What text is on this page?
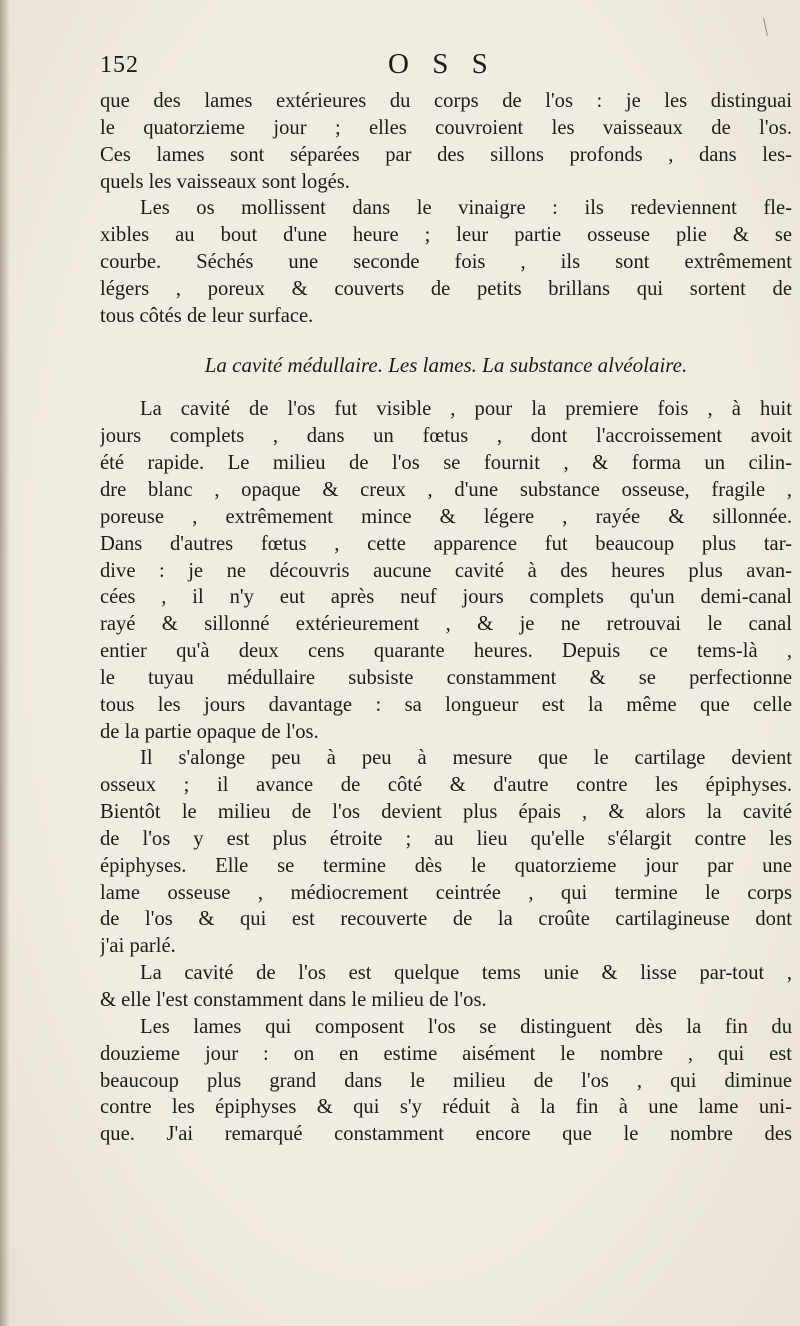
152	O S S
que des lames extérieures du corps de l'os : je les distinguai
le quatorzieme jour ; elles couvroient les vaisseaux de l'os.
Ces lames sont séparées par des sillons profonds , dans les-
quels les vaisseaux sont logés.
Les os mollissent dans le vinaigre : ils redeviennent fle-
xibles au bout d'une heure ; leur partie osseuse plie & se
courbe. Séchés une seconde fois , ils sont extrêmement
légers , poreux & couverts de petits brillans qui sortent de
tous côtés de leur surface.
La cavité médullaire. Les lames. La substance alvéolaire.
La cavité de l'os fut visible , pour la premiere fois , à huit
jours complets , dans un fœtus , dont l'accroissement avoit
été rapide. Le milieu de l'os se fournit , & forma un cilin-
dre blanc , opaque & creux , d'une substance osseuse, fragile ,
poreuse , extrêmement mince & légere , rayée & sillonnée.
Dans d'autres fœtus , cette apparence fut beaucoup plus tar-
dive : je ne découvris aucune cavité à des heures plus avan-
cées , il n'y eut après neuf jours complets qu'un demi-canal
rayé & sillonné extérieurement , & je ne retrouvai le canal
entier qu'à deux cens quarante heures. Depuis ce tems-là ,
le tuyau médullaire subsiste constamment & se perfectionne
tous les jours davantage : sa longueur est la même que celle
de la partie opaque de l'os.
Il s'alonge peu à peu à mesure que le cartilage devient
osseux ; il avance de côté & d'autre contre les épiphyses.
Bientôt le milieu de l'os devient plus épais , & alors la cavité
de l'os y est plus étroite ; au lieu qu'elle s'élargit contre les
épiphyses. Elle se termine dès le quatorzieme jour par une
lame osseuse , médiocrement ceintrée , qui termine le corps
de l'os & qui est recouverte de la croûte cartilagineuse dont
j'ai parlé.
La cavité de l'os est quelque tems unie & lisse par-tout ,
& elle l'est constamment dans le milieu de l'os.
Les lames qui composent l'os se distinguent dès la fin du
douzieme jour : on en estime aisément le nombre , qui est
beaucoup plus grand dans le milieu de l'os , qui diminue
contre les épiphyses & qui s'y réduit à la fin à une lame uni-
que. J'ai remarqué constamment encore que le nombre des
